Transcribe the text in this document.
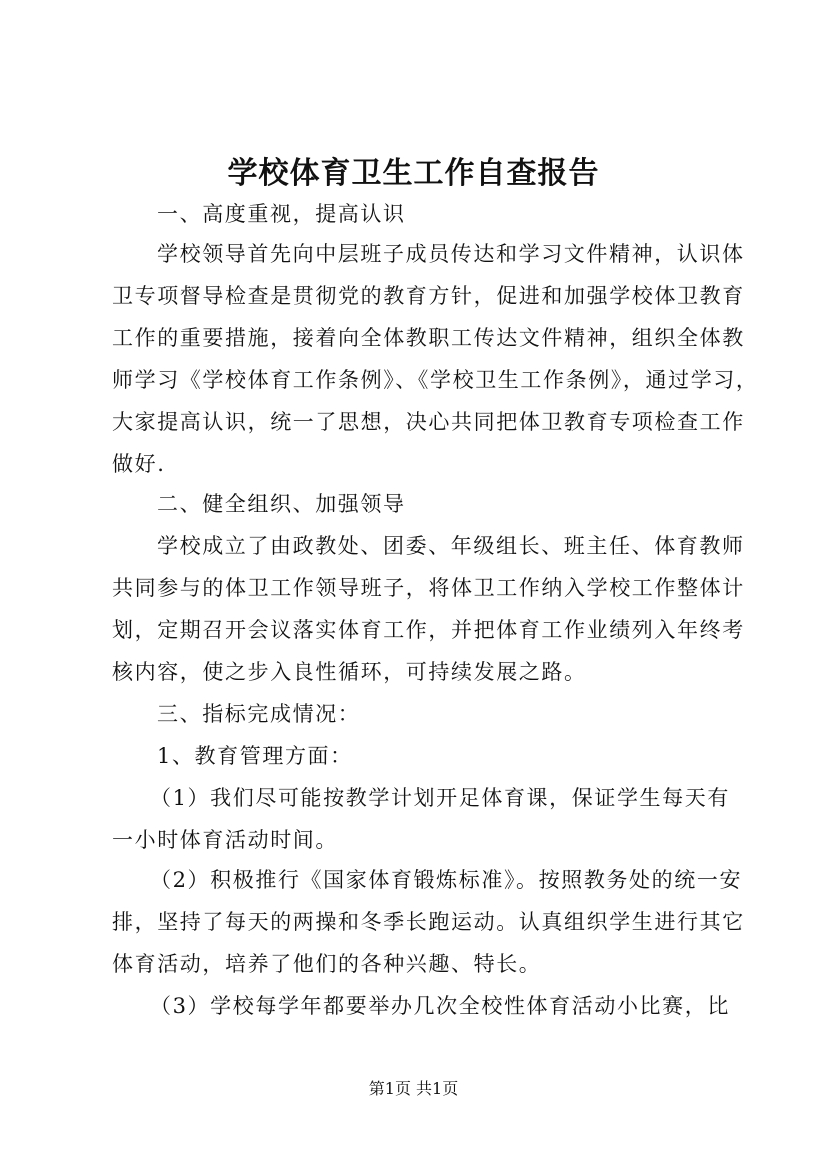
学校体育卫生工作自查报告
一、高度重视，提高认识
学校领导首先向中层班子成员传达和学习文件精神，认识体
卫专项督导检查是贯彻党的教育方针，促进和加强学校体卫教育
工作的重要措施，接着向全体教职工传达文件精神，组织全体教
师学习《学校体育工作条例》、《学校卫生工作条例》，通过学习，
大家提高认识，统一了思想，决心共同把体卫教育专项检查工作
做好.
二、健全组织、加强领导
学校成立了由政教处、团委、年级组长、班主任、体育教师
共同参与的体卫工作领导班子，将体卫工作纳入学校工作整体计
划，定期召开会议落实体育工作，并把体育工作业绩列入年终考
核内容，使之步入良性循环，可持续发展之路。
三、指标完成情况：
1、教育管理方面：
（1）我们尽可能按教学计划开足体育课，保证学生每天有
一小时体育活动时间。
（2）积极推行《国家体育锻炼标准》。按照教务处的统一安
排，坚持了每天的两操和冬季长跑运动。认真组织学生进行其它
体育活动，培养了他们的各种兴趣、特长。
（3）学校每学年都要举办几次全校性体育活动小比赛，比
第1页 共1页
